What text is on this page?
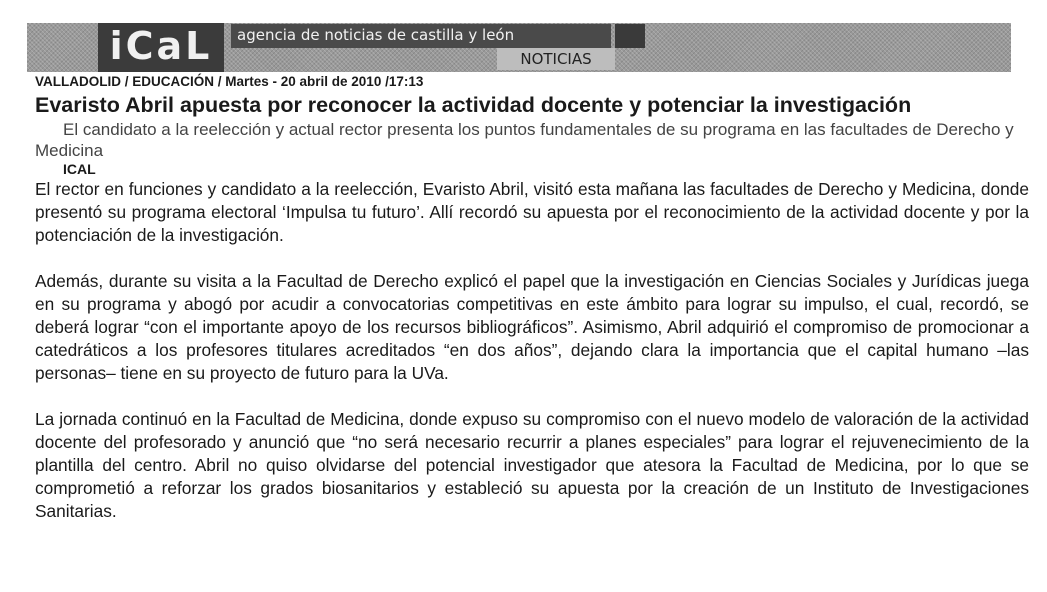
iCaL	agencia de noticias de castilla y león
NOTICIAS

VALLADOLID / EDUCACIÓN / Martes - 20 abril de 2010 /17:13

Evaristo Abril apuesta por reconocer la actividad docente y potenciar la investigación

El candidato a la reelección y actual rector presenta los puntos fundamentales de su programa en las facultades de Derecho y Medicina

ICAL

El rector en funciones y candidato a la reelección, Evaristo Abril, visitó esta mañana las facultades de Derecho y Medicina, donde presentó su programa electoral ‘Impulsa tu futuro’. Allí recordó su apuesta por el reconocimiento de la actividad docente y por la potenciación de la investigación.

Además, durante su visita a la Facultad de Derecho explicó el papel que la investigación en Ciencias Sociales y Jurídicas juega en su programa y abogó por acudir a convocatorias competitivas en este ámbito para lograr su impulso, el cual, recordó, se deberá lograr “con el importante apoyo de los recursos bibliográficos”. Asimismo, Abril adquirió el compromiso de promocionar a catedráticos a los profesores titulares acreditados “en dos años”, dejando clara la importancia que el capital humano –las personas– tiene en su proyecto de futuro para la UVa.

La jornada continuó en la Facultad de Medicina, donde expuso su compromiso con el nuevo modelo de valoración de la actividad docente del profesorado y anunció que “no será necesario recurrir a planes especiales” para lograr el rejuvenecimiento de la plantilla del centro. Abril no quiso olvidarse del potencial investigador que atesora la Facultad de Medicina, por lo que se comprometió a reforzar los grados biosanitarios y estableció su apuesta por la creación de un Instituto de Investigaciones Sanitarias.
